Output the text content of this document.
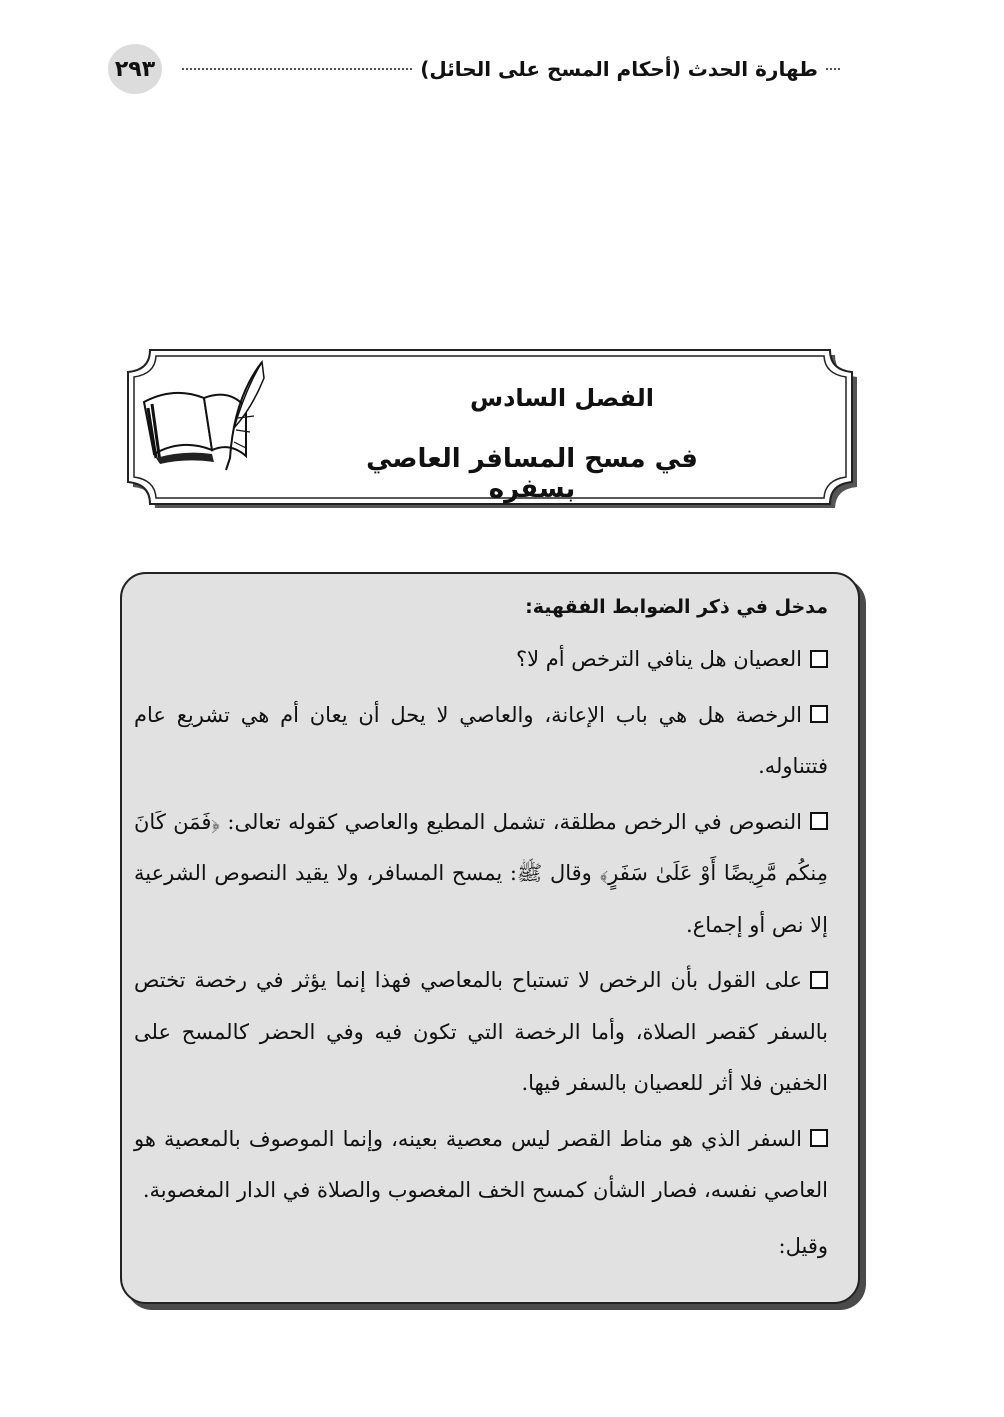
٢٩٣	طهارة الحدث (أحكام المسح على الحائل)
الفصل السادس
في مسح المسافر العاصي بسفره
مدخل في ذكر الضوابط الفقهية:
العصيان هل ينافي الترخص أم لا؟
الرخصة هل هي باب الإعانة، والعاصي لا يحل أن يعان أم هي تشريع عام فتتناوله.
النصوص في الرخص مطلقة، تشمل المطيع والعاصي كقوله تعالى: ﴿فَمَن كَانَ مِنكُم مَّرِيضًا أَوْ عَلَىٰ سَفَرٍ﴾ وقال ﷺ: يمسح المسافر، ولا يقيد النصوص الشرعية إلا نص أو إجماع.
على القول بأن الرخص لا تستباح بالمعاصي فهذا إنما يؤثر في رخصة تختص بالسفر كقصر الصلاة، وأما الرخصة التي تكون فيه وفي الحضر كالمسح على الخفين فلا أثر للعصيان بالسفر فيها.
السفر الذي هو مناط القصر ليس معصية بعينه، وإنما الموصوف بالمعصية هو العاصي نفسه، فصار الشأن كمسح الخف المغصوب والصلاة في الدار المغصوبة.
وقيل:
